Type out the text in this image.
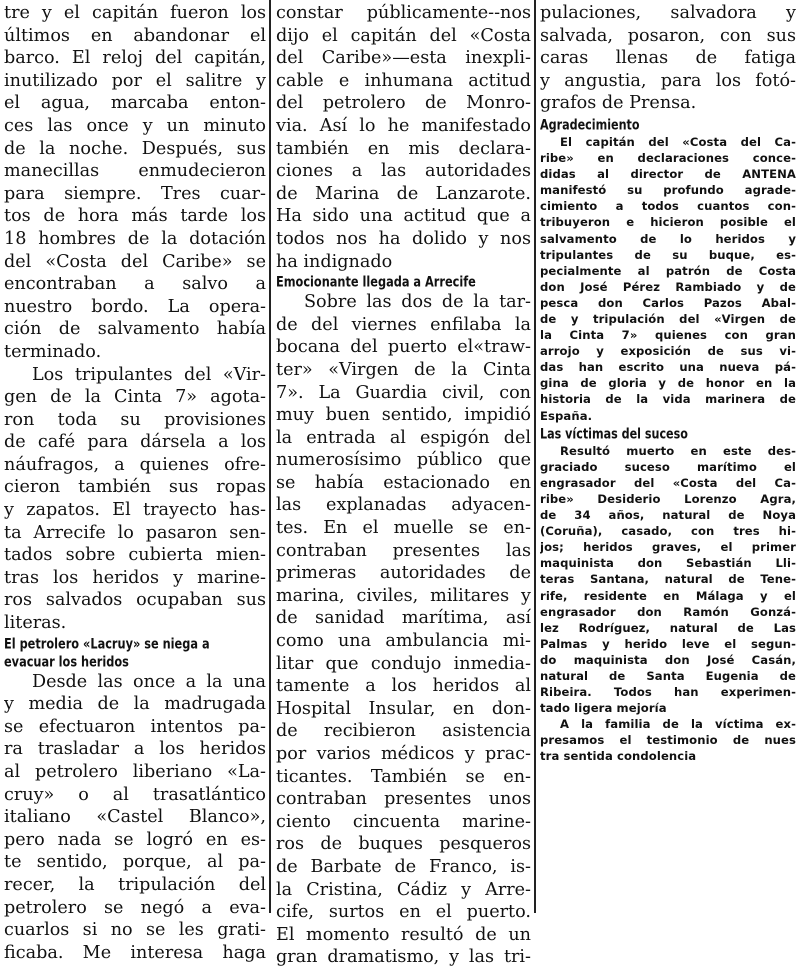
tre y el capitán fueron los
últimos en abandonar el
barco. El reloj del capitán,
inutilizado por el salitre y
el agua, marcaba enton-
ces las once y un minuto
de la noche. Después, sus
manecillas enmudecieron
para siempre. Tres cuar-
tos de hora más tarde los
18 hombres de la dotación
del «Costa del Caribe» se
encontraban a salvo a
nuestro bordo. La opera-
ción de salvamento había
terminado.
Los tripulantes del «Vir-
gen de la Cinta 7» agota-
ron toda su provisiones
de café para dársela a los
náufragos, a quienes ofre-
cieron también sus ropas
y zapatos. El trayecto has-
ta Arrecife lo pasaron sen-
tados sobre cubierta mien-
tras los heridos y marine-
ros salvados ocupaban sus
literas.
El petrolero «Lacruy» se niega a
evacuar los heridos
Desde las once a la una
y media de la madrugada
se efectuaron intentos pa-
ra trasladar a los heridos
al petrolero liberiano «La-
cruy» o al trasatlántico
italiano «Castel Blanco»,
pero nada se logró en es-
te sentido, porque, al pa-
recer, la tripulación del
petrolero se negó a eva-
cuarlos si no se les grati-
ficaba. Me interesa haga
constar públicamente--nos
dijo el capitán del «Costa
del Caribe»—esta inexpli-
cable e inhumana actitud
del petrolero de Monro-
via. Así lo he manifestado
también en mis declara-
ciones a las autoridades
de Marina de Lanzarote.
Ha sido una actitud que a
todos nos ha dolido y nos
ha indignado
Emocionante llegada a Arrecife
Sobre las dos de la tar-
de del viernes enfilaba la
bocana del puerto el«traw-
ter» «Virgen de la Cinta
7». La Guardia civil, con
muy buen sentido, impidió
la entrada al espigón del
numerosísimo público que
se había estacionado en
las explanadas adyacen-
tes. En el muelle se en-
contraban presentes las
primeras autoridades de
marina, civiles, militares y
de sanidad marítima, así
como una ambulancia mi-
litar que condujo inmedia-
tamente a los heridos al
Hospital Insular, en don-
de recibieron asistencia
por varios médicos y prac-
ticantes. También se en-
contraban presentes unos
ciento cincuenta marine-
ros de buques pesqueros
de Barbate de Franco, is-
la Cristina, Cádiz y Arre-
cife, surtos en el puerto.
El momento resultó de un
gran dramatismo, y las tri-
pulaciones, salvadora y
salvada, posaron, con sus
caras llenas de fatiga
y angustia, para los fotó-
grafos de Prensa.
Agradecimiento
El capitán del «Costa del Ca-
ribe» en declaraciones conce-
didas al director de ANTENA
manifestó su profundo agrade-
cimiento a todos cuantos con-
tribuyeron e hicieron posible el
salvamento de lo heridos y
tripulantes de su buque, es-
pecialmente al patrón de Costa
don José Pérez Rambiado y de
pesca don Carlos Pazos Abal-
de y tripulación del «Virgen de
la Cinta 7» quienes con gran
arrojo y exposición de sus vi-
das han escrito una nueva pá-
gina de gloria y de honor en la
historia de la vida marinera de
España.
Las víctimas del suceso
Resultó muerto en este des-
graciado suceso marítimo el
engrasador del «Costa del Ca-
ribe» Desiderio Lorenzo Agra,
de 34 años, natural de Noya
(Coruña), casado, con tres hi-
jos; heridos graves, el primer
maquinista don Sebastián Lli-
teras Santana, natural de Tene-
rife, residente en Málaga y el
engrasador don Ramón Gonzá-
lez Rodríguez, natural de Las
Palmas y herido leve el segun-
do maquinista don José Casán,
natural de Santa Eugenia de
Ribeira. Todos han experimen-
tado ligera mejoría
A la familia de la víctima ex-
presamos el testimonio de nues
tra sentida condolencia
